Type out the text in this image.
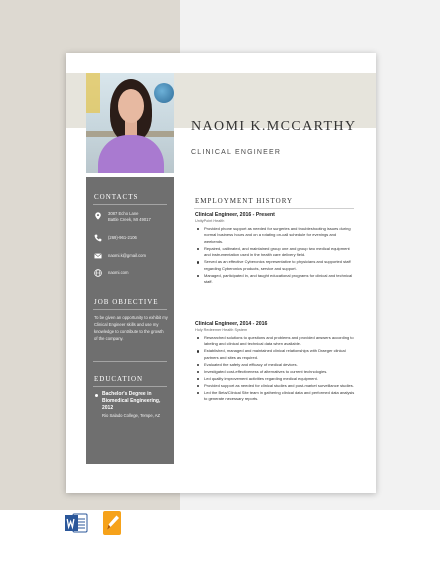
NAOMI K.MCCARTHY
CLINICAL ENGINEER
CONTACTS
3087 Echo Lane
Battle Creek, MI 49017
(269)-961-2106
naomi.k@gmail.com
naomi.com
JOB OBJECTIVE
To be given an opportunity to exhibit my Clinical Engineer skills and use my knowledge to contribute to the growth of the company.
EDUCATION
Bachelor's Degree in Biomedical Engineering, 2012
Rio Salado College, Tempe, AZ
EMPLOYMENT HISTORY
Clinical Engineer, 2016 - Present
UnityPoint Health
Provided phone support as needed for surgeries and troubleshooting issues during normal business hours and on a rotating on-call schedule for evenings and weekends.
Repaired, calibrated, and maintained group one and group two medical equipment and instrumentation used in the health care delivery field.
Served as an effective Cyberonics representative to physicians and supported staff regarding Cyberonics products, service and support.
Managed, participated in, and taught educational programs for clinical and technical staff.
Clinical Engineer, 2014 - 2016
Holy Redeemer Health System
Researched solutions to questions and problems and provided answers according to labeling and clinical and technical data when available.
Established, managed and maintained clinical relationships with Draeger clinical partners and sites as required.
Evaluated the safety and efficacy of medical devices.
Investigated cost-effectiveness of alternatives to current technologies.
Led quality improvement activities regarding medical equipment.
Provided support as needed for clinical studies and post-market surveillance studies.
Led the Beta/Clinical Site team in gathering clinical data and performed data analysis to generate necessary reports.
